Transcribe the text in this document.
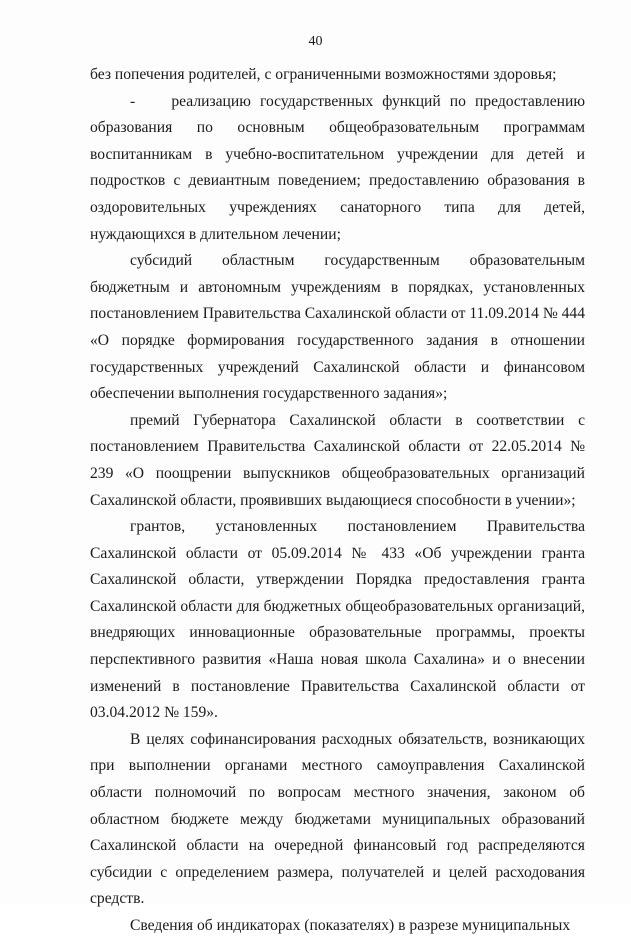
40

без попечения родителей, с ограниченными возможностями здоровья;

-    реализацию государственных функций по предоставлению образования по основным общеобразовательным программам воспитанникам в учебно-воспитательном учреждении для детей и подростков с девиантным поведением; предоставлению образования в оздоровительных учреждениях санаторного типа для детей, нуждающихся в длительном лечении;

субсидий областным государственным образовательным бюджетным и автономным учреждениям в порядках, установленных постановлением Правительства Сахалинской области от 11.09.2014 № 444 «О порядке формирования государственного задания в отношении государственных учреждений Сахалинской области и финансовом обеспечении выполнения государственного задания»;

премий Губернатора Сахалинской области в соответствии с постановлением Правительства Сахалинской области от 22.05.2014 № 239 «О поощрении выпускников общеобразовательных организаций Сахалинской области, проявивших выдающиеся способности в учении»;

грантов, установленных постановлением Правительства Сахалинской области от 05.09.2014 № 433 «Об учреждении гранта Сахалинской области, утверждении Порядка предоставления гранта Сахалинской области для бюджетных общеобразовательных организаций, внедряющих инновационные образовательные программы, проекты перспективного развития «Наша новая школа Сахалина» и о внесении изменений в постановление Правительства Сахалинской области от 03.04.2012 № 159».

В целях софинансирования расходных обязательств, возникающих при выполнении органами местного самоуправления Сахалинской области полномочий по вопросам местного значения, законом об областном бюджете между бюджетами муниципальных образований Сахалинской области на очередной финансовый год распределяются субсидии с определением размера, получателей и целей расходования средств.

Сведения об индикаторах (показателях) в разрезе муниципальных
